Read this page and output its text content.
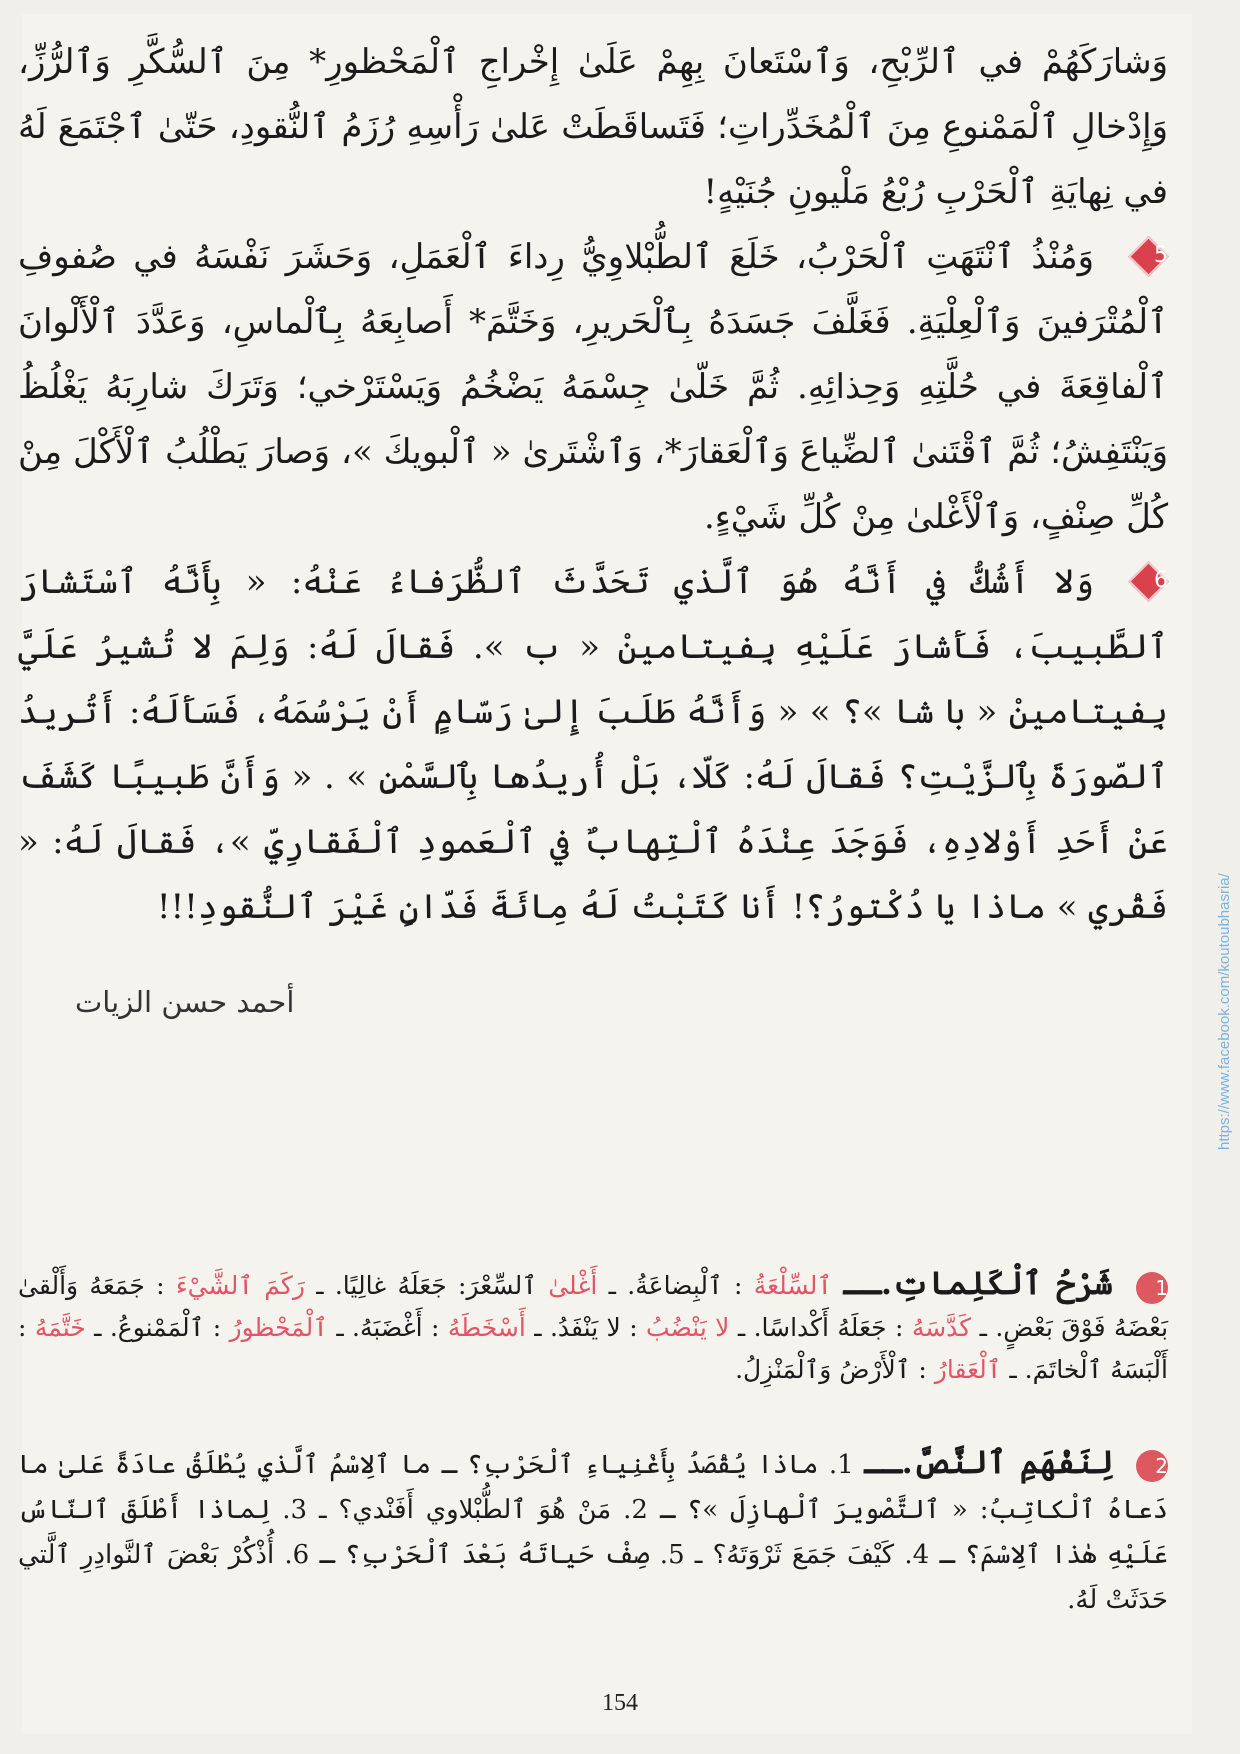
وَشارَكَهُمْ في ٱلرِّبْحِ، وَٱسْتَعانَ بِهِمْ عَلَىٰ إِخْراجِ ٱلْمَحْظورِ* مِنَ ٱلسُّكَّرِ وَٱلرُّزِّ، وَإِدْخالِ ٱلْمَمْنوعِ مِنَ ٱلْمُخَدِّراتِ؛ فَتَساقَطَتْ عَلىٰ رَأْسِهِ رُزَمُ ٱلنُّقودِ، حَتّىٰ ٱجْتَمَعَ لَهُ في نِهايَةِ ٱلْحَرْبِ رُبْعُ مَلْيونِ جُنَيْهٍ!

5
وَمُنْذُ ٱنْتَهَتِ ٱلْحَرْبُ، خَلَعَ ٱلطُّبْلاوِيُّ رِداءَ ٱلْعَمَلِ، وَحَشَرَ نَفْسَهُ في صُفوفِ ٱلْمُتْرَفينَ وَٱلْعِلْيَةِ. فَغَلَّفَ جَسَدَهُ بِٱلْحَريرِ، وَخَتَّمَ* أَصابِعَهُ بِٱلْماسِ، وَعَدَّدَ ٱلْأَلْوانَ ٱلْفاقِعَةَ في حُلَّتِهِ وَحِذائِهِ. ثُمَّ خَلّىٰ جِسْمَهُ يَضْخُمُ وَيَسْتَرْخي؛ وَتَرَكَ شارِبَهُ يَغْلُظُ وَيَنْتَفِشُ؛ ثُمَّ ٱقْتَنىٰ ٱلضِّياعَ وَٱلْعَقارَ*، وَٱشْتَرىٰ « ٱلْبويكَ »، وَصارَ يَطْلُبُ ٱلْأَكْلَ مِنْ كُلِّ صِنْفٍ، وَٱلْأَغْلىٰ مِنْ كُلِّ شَيْءٍ.

6
وَلا أَشُكُّ في أَنَّهُ هُوَ ٱلَّذي تَحَدَّثَ ٱلظُّرَفاءُ عَنْهُ: « بِأَنَّهُ ٱسْتَشارَ ٱلطَّبيبَ، فَأَشارَ عَلَيْهِ بِفيتامينْ « ب ». فَقالَ لَهُ: وَلِمَ لا تُشيرُ عَلَيَّ بِفيتامينْ « با شا »؟ » « وَأَنَّهُ طَلَبَ إِلىٰ رَسّامٍ أَنْ يَرْسُمَهُ، فَسَأَلَهُ: أَتُريدُ ٱلصّورَةَ بِٱلزَّيْتِ؟ فَقالَ لَهُ: كَلّا، بَلْ أُريدُها بِٱلسَّمْنِ » . « وَأَنَّ طَبيبًا كَشَفَ عَنْ أَحَدِ أَوْلادِهِ، فَوَجَدَ عِنْدَهُ ٱلْتِهابٌ في ٱلْعَمودِ ٱلْفَقارِيِّ »، فَقالَ لَهُ: « فَقْري » ماذا يا دُكْتورُ؟! أَنا كَتَبْتُ لَهُ مِائَةَ فَدّانٍ غَيْرَ ٱلنُّقودِ!!!

أحمد حسن الزيات
1 شَرْحُ ٱلْكَلِماتِ.ــ ٱلسِّلْعَةُ : ٱلْبِضاعَةُ. ـ أَغْلىٰ ٱلسِّعْرَ: جَعَلَهُ غالِيًا. ـ رَكَمَ ٱلشَّيْءَ : جَمَعَهُ وَأَلْقىٰ بَعْضَهُ فَوْقَ بَعْضٍ. ـ كَدَّسَهُ : جَعَلَهُ أَكْداسًا. ـ لا يَنْضُبُ : لا يَنْفَدُ. ـ أَسْخَطَهُ : أَغْضَبَهُ. ـ ٱلْمَحْظورُ : ٱلْمَمْنوعُ. ـ خَتَّمَهُ : أَلْبَسَهُ ٱلْخاتَمَ. ـ ٱلْعَقارُ : ٱلْأَرْضُ وَٱلْمَنْزِلُ.
2 لِنَفْهَمِ ٱلنَّصَّ.ــ 1. ماذا يُقْصَدُ بِأَغْنِياءِ ٱلْحَرْبِ؟ ـ ما ٱلِاسْمُ ٱلَّذي يُطْلَقُ عادَةً عَلىٰ ما دَعاهُ ٱلْكاتِبُ: « ٱلتَّصْويرَ ٱلْهازِلَ »؟ ـ 2. مَنْ هُوَ ٱلطُّبْلاوي أَفَنْدي؟ ـ 3. لِماذا أَطْلَقَ ٱلنّاسُ عَلَيْهِ هٰذا ٱلِاسْمَ؟ ـ 4. كَيْفَ جَمَعَ ثَرْوَتَهُ؟ ـ 5. صِفْ حَياتَهُ بَعْدَ ٱلْحَرْبِ؟ ـ 6. أُذْكُرْ بَعْضَ ٱلنَّوادِرِ ٱلَّتي حَدَثَتْ لَهُ.
154
https://www.facebook.com/koutoubhasria/
